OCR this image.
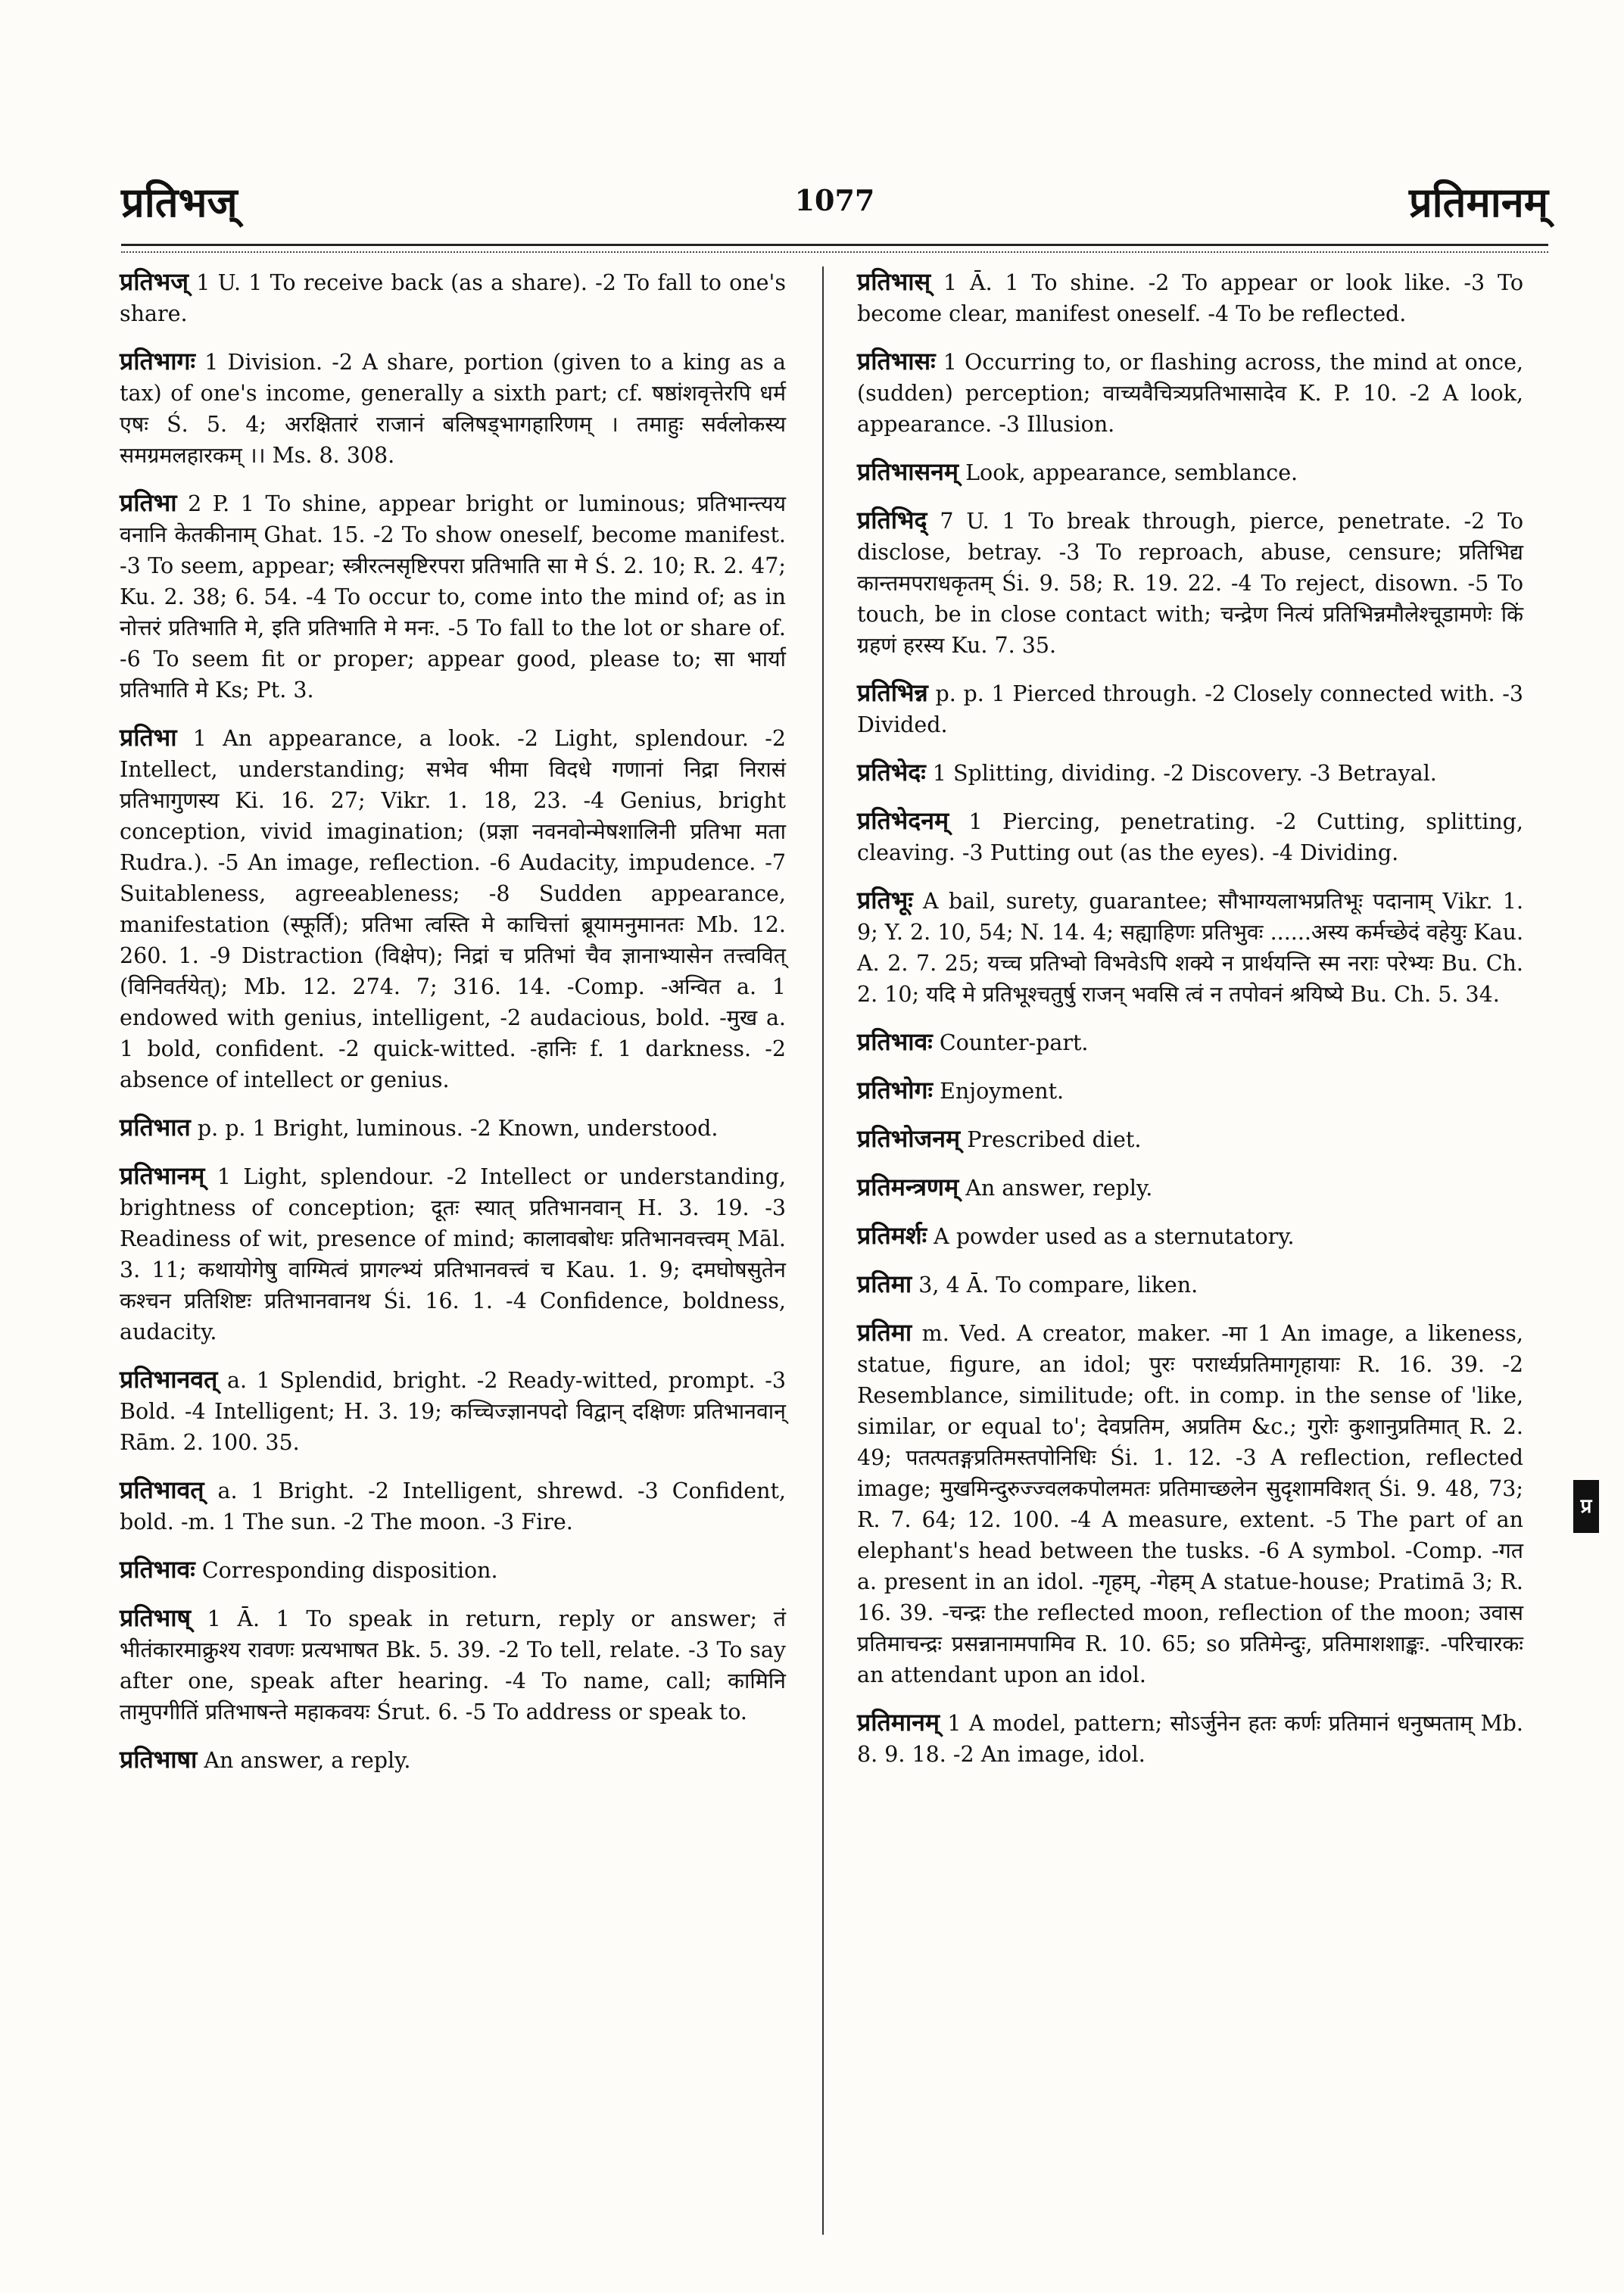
प्रतिभज्	1077	प्रतिमानम्

प्रतिभज् 1 U. 1 To receive back (as a share). -2 To fall to one's share.

प्रतिभागः 1 Division. -2 A share, portion (given to a king as a tax) of one's income, generally a sixth part; cf. षष्ठांशवृत्तेरपि धर्म एषः Ś. 5. 4; अरक्षितारं राजानं बलिषड्भागहारिणम् । तमाहुः सर्वलोकस्य समग्रमलहारकम् ।। Ms. 8. 308.

प्रतिभा 2 P. 1 To shine, appear bright or luminous; प्रतिभान्त्यय वनानि केतकीनाम् Ghat. 15. -2 To show oneself, become manifest. -3 To seem, appear; स्त्रीरत्नसृष्टिरपरा प्रतिभाति सा मे Ś. 2. 10; R. 2. 47; Ku. 2. 38; 6. 54. -4 To occur to, come into the mind of; as in नोत्तरं प्रतिभाति मे, इति प्रतिभाति मे मनः. -5 To fall to the lot or share of. -6 To seem fit or proper; appear good, please to; सा भार्या प्रतिभाति मे Ks; Pt. 3.

प्रतिभा 1 An appearance, a look. -2 Light, splendour. -2 Intellect, understanding; सभेव भीमा विदधे गणानां निद्रा निरासं प्रतिभागुणस्य Ki. 16. 27; Vikr. 1. 18, 23. -4 Genius, bright conception, vivid imagination; (प्रज्ञा नवनवोन्मेषशालिनी प्रतिभा मता Rudra.). -5 An image, reflection. -6 Audacity, impudence. -7 Suitableness, agreeableness; -8 Sudden appearance, manifestation (स्फूर्ति); प्रतिभा त्वस्ति मे काचित्तां ब्रूयामनुमानतः Mb. 12. 260. 1. -9 Distraction (विक्षेप); निद्रां च प्रतिभां चैव ज्ञानाभ्यासेन तत्त्ववित् (विनिवर्तयेत्); Mb. 12. 274. 7; 316. 14. -Comp. -अन्वित a. 1 endowed with genius, intelligent, -2 audacious, bold. -मुख a. 1 bold, confident. -2 quick-witted. -हानिः f. 1 darkness. -2 absence of intellect or genius.

प्रतिभात p. p. 1 Bright, luminous. -2 Known, understood.

प्रतिभानम् 1 Light, splendour. -2 Intellect or understanding, brightness of conception; दूतः स्यात् प्रतिभानवान् H. 3. 19. -3 Readiness of wit, presence of mind; कालावबोधः प्रतिभानवत्त्वम् Māl. 3. 11; कथायोगेषु वाग्मित्वं प्रागल्भ्यं प्रतिभानवत्त्वं च Kau. 1. 9; दमघोषसुतेन कश्चन प्रतिशिष्टः प्रतिभानवानथ Śi. 16. 1. -4 Confidence, boldness, audacity.

प्रतिभानवत् a. 1 Splendid, bright. -2 Ready-witted, prompt. -3 Bold. -4 Intelligent; H. 3. 19; कच्चिज्ज्ञानपदो विद्वान् दक्षिणः प्रतिभानवान् Rām. 2. 100. 35.

प्रतिभावत् a. 1 Bright. -2 Intelligent, shrewd. -3 Confident, bold. -m. 1 The sun. -2 The moon. -3 Fire.

प्रतिभावः Corresponding disposition.

प्रतिभाष् 1 Ā. 1 To speak in return, reply or answer; तं भीतंकारमाक्रुश्य रावणः प्रत्यभाषत Bk. 5. 39. -2 To tell, relate. -3 To say after one, speak after hearing. -4 To name, call; कामिनि तामुपगीतिं प्रतिभाषन्ते महाकवयः Śrut. 6. -5 To address or speak to.

प्रतिभाषा An answer, a reply.

प्रतिभास् 1 Ā. 1 To shine. -2 To appear or look like. -3 To become clear, manifest oneself. -4 To be reflected.

प्रतिभासः 1 Occurring to, or flashing across, the mind at once, (sudden) perception; वाच्यवैचित्र्यप्रतिभासादेव K. P. 10. -2 A look, appearance. -3 Illusion.

प्रतिभासनम् Look, appearance, semblance.

प्रतिभिद् 7 U. 1 To break through, pierce, penetrate. -2 To disclose, betray. -3 To reproach, abuse, censure; प्रतिभिद्य कान्तमपराधकृतम् Śi. 9. 58; R. 19. 22. -4 To reject, disown. -5 To touch, be in close contact with; चन्द्रेण नित्यं प्रतिभिन्नमौलेश्चूडामणेः किं ग्रहणं हरस्य Ku. 7. 35.

प्रतिभिन्न p. p. 1 Pierced through. -2 Closely connected with. -3 Divided.

प्रतिभेदः 1 Splitting, dividing. -2 Discovery. -3 Betrayal.

प्रतिभेदनम् 1 Piercing, penetrating. -2 Cutting, splitting, cleaving. -3 Putting out (as the eyes). -4 Dividing.

प्रतिभूः A bail, surety, guarantee; सौभाग्यलाभप्रतिभूः पदानाम् Vikr. 1. 9; Y. 2. 10, 54; N. 14. 4; सह्याहिणः प्रतिभुवः ......अस्य कर्मच्छेदं वहेयुः Kau. A. 2. 7. 25; यच्च प्रतिभ्वो विभवेऽपि शक्ये न प्रार्थयन्ति स्म नराः परेभ्यः Bu. Ch. 2. 10; यदि मे प्रतिभूश्चतुर्षु राजन् भवसि त्वं न तपोवनं श्रयिष्ये Bu. Ch. 5. 34.

प्रतिभावः Counter-part.

प्रतिभोगः Enjoyment.

प्रतिभोजनम् Prescribed diet.

प्रतिमन्त्रणम् An answer, reply.

प्रतिमर्शः A powder used as a sternutatory.

प्रतिमा 3, 4 Ā. To compare, liken.

प्रतिमा m. Ved. A creator, maker. -मा 1 An image, a likeness, statue, figure, an idol; पुरः परार्ध्यप्रतिमागृहायाः R. 16. 39. -2 Resemblance, similitude; oft. in comp. in the sense of 'like, similar, or equal to'; देवप्रतिम, अप्रतिम &c.; गुरोः कुशानुप्रतिमात् R. 2. 49; पतत्पतङ्गप्रतिमस्तपोनिधिः Śi. 1. 12. -3 A reflection, reflected image; मुखमिन्दुरुज्ज्वलकपोलमतः प्रतिमाच्छलेन सुदृशामविशत् Śi. 9. 48, 73; R. 7. 64; 12. 100. -4 A measure, extent. -5 The part of an elephant's head between the tusks. -6 A symbol. -Comp. -गत a. present in an idol. -गृहम्, -गेहम् A statue-house; Pratimā 3; R. 16. 39. -चन्द्रः the reflected moon, reflection of the moon; उवास प्रतिमाचन्द्रः प्रसन्नानामपामिव R. 10. 65; so प्रतिमेन्दुः, प्रतिमाशशाङ्कः. -परिचारकः an attendant upon an idol.

प्रतिमानम् 1 A model, pattern; सोऽर्जुनेन हतः कर्णः प्रतिमानं धनुष्मताम् Mb. 8. 9. 18. -2 An image, idol.

प्र
